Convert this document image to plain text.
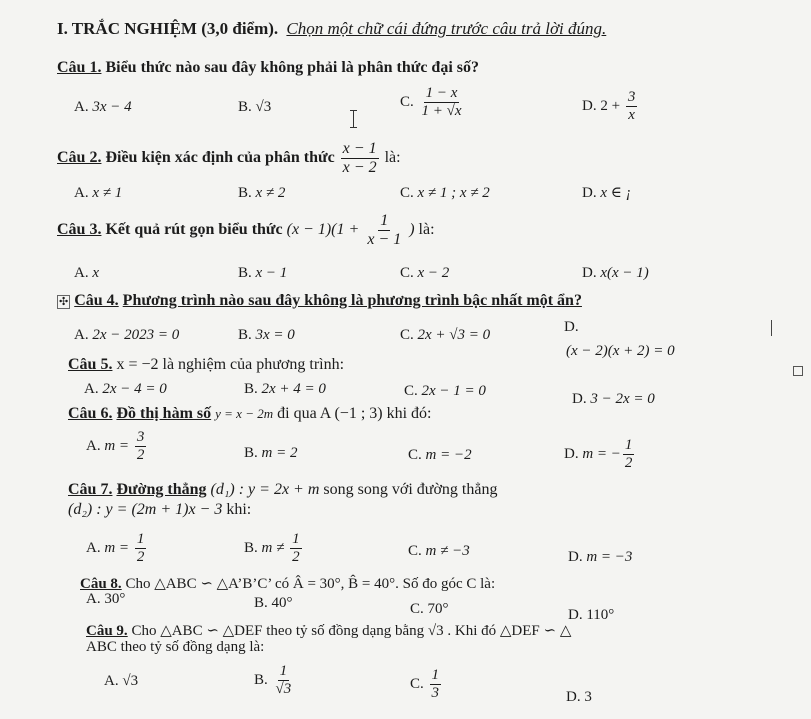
I. TRẮC NGHIỆM (3,0 điểm). Chọn một chữ cái đứng trước câu trả lời đúng.
Câu 1. Biểu thức nào sau đây không phải là phân thức đại số?
A. 3x − 4	B. √3	C. $\frac{1 - x}{1 + √x}$	D. $2 + \frac{3}{x}$
Câu 2. Điều kiện xác định của phân thức $\frac{x - 1}{x - 2}$ là:
A. x ≠ 1	B. x ≠ 2	C. x ≠ 1 ; x ≠ 2	D. x ∈ ¡
Câu 3. Kết quả rút gọn biểu thức $(x - 1)(1 + \frac{1}{x - 1}$ ) là:
A. x	B. x − 1	C. x − 2	D. x(x − 1)
✣ Câu 4. Phương trình nào sau đây không là phương trình bậc nhất một ẩn?
A. 2x − 2023 = 0	B. 3x = 0	C. 2x + √3 = 0	D.
(x − 2)(x + 2) = 0
Câu 5. x = −2 là nghiệm của phương trình:
A. 2x − 4 = 0	B. 2x + 4 = 0	C. 2x − 1 = 0	D. 3 − 2x = 0
Câu 6. Đồ thị hàm số y = x − 2m đi qua A (−1 ; 3) khi đó:
A. $m = \frac{3}{2}$	B. m = 2	C. m = −2	D. m = − $\frac{1}{2}$
Câu 7. Đường thẳng (d₁) : y = 2x + m song song với đường thẳng
(d₂) : y = (2m + 1)x − 3 khi:
A. $m = \frac{1}{2}$	B. $m \ne \frac{1}{2}$	C. m ≠ −3	D. m = −3
Câu 8. Cho △ABC ∽ △A’B’C’ có Â = 30°, B̂ = 40°. Số đo góc C là:
A. 30°	B. 40°	C. 70°	D. 110°
Câu 9. Cho △ABC ∽ △DEF theo tỷ số đồng dạng bằng √3 . Khi đó △DEF ∽ △
ABC theo tỷ số đồng dạng là:
A. √3	B. $\frac{1}{√3}$	C. $\frac{1}{3}$	D. 3
